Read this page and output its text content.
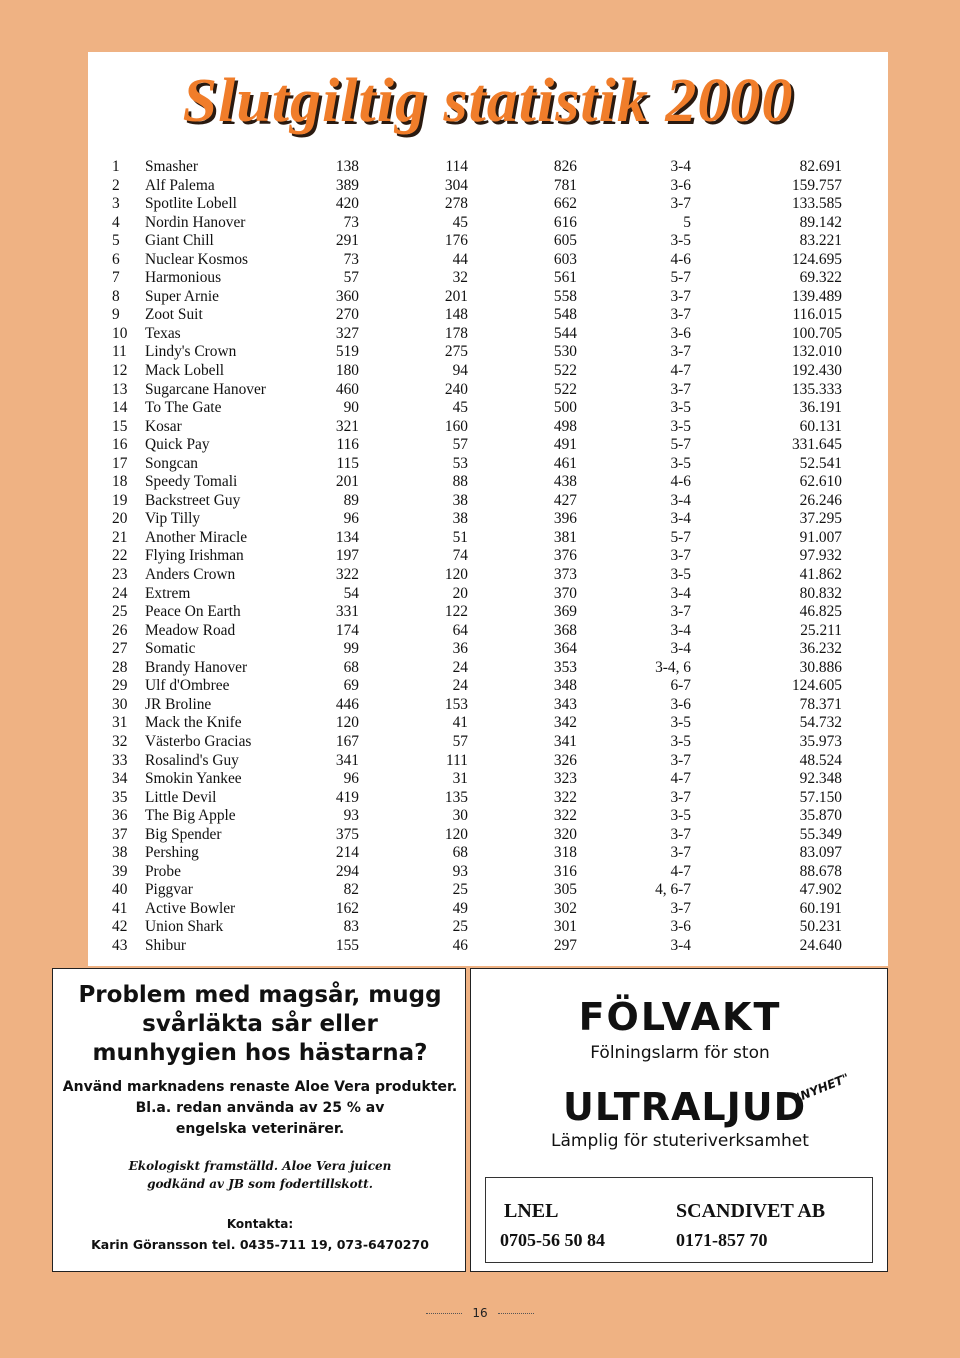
Slutgiltig statistik 2000
1	Smasher	138	114	826	3-4	82.691
2	Alf Palema	389	304	781	3-6	159.757
3	Spotlite Lobell	420	278	662	3-7	133.585
4	Nordin Hanover	73	45	616	5	89.142
5	Giant Chill	291	176	605	3-5	83.221
6	Nuclear Kosmos	73	44	603	4-6	124.695
7	Harmonious	57	32	561	5-7	69.322
8	Super Arnie	360	201	558	3-7	139.489
9	Zoot Suit	270	148	548	3-7	116.015
10	Texas	327	178	544	3-6	100.705
11	Lindy's Crown	519	275	530	3-7	132.010
12	Mack Lobell	180	94	522	4-7	192.430
13	Sugarcane Hanover	460	240	522	3-7	135.333
14	To The Gate	90	45	500	3-5	36.191
15	Kosar	321	160	498	3-5	60.131
16	Quick Pay	116	57	491	5-7	331.645
17	Songcan	115	53	461	3-5	52.541
18	Speedy Tomali	201	88	438	4-6	62.610
19	Backstreet Guy	89	38	427	3-4	26.246
20	Vip Tilly	96	38	396	3-4	37.295
21	Another Miracle	134	51	381	5-7	91.007
22	Flying Irishman	197	74	376	3-7	97.932
23	Anders Crown	322	120	373	3-5	41.862
24	Extrem	54	20	370	3-4	80.832
25	Peace On Earth	331	122	369	3-7	46.825
26	Meadow Road	174	64	368	3-4	25.211
27	Somatic	99	36	364	3-4	36.232
28	Brandy Hanover	68	24	353	3-4, 6	30.886
29	Ulf d'Ombree	69	24	348	6-7	124.605
30	JR Broline	446	153	343	3-6	78.371
31	Mack the Knife	120	41	342	3-5	54.732
32	Västerbo Gracias	167	57	341	3-5	35.973
33	Rosalind's Guy	341	111	326	3-7	48.524
34	Smokin Yankee	96	31	323	4-7	92.348
35	Little Devil	419	135	322	3-7	57.150
36	The Big Apple	93	30	322	3-5	35.870
37	Big Spender	375	120	320	3-7	55.349
38	Pershing	214	68	318	3-7	83.097
39	Probe	294	93	316	4-7	88.678
40	Piggvar	82	25	305	4, 6-7	47.902
41	Active Bowler	162	49	302	3-7	60.191
42	Union Shark	83	25	301	3-6	50.231
43	Shibur	155	46	297	3-4	24.640
Problem med magsår, mugg
svårläkta sår eller
munhygien hos hästarna?
Använd marknadens renaste Aloe Vera produkter.
Bl.a. redan använda av 25 % av
engelska veterinärer.
Ekologiskt framställd. Aloe Vera juicen
godkänd av JB som fodertillskott.
Kontakta:
Karin Göransson tel. 0435-711 19, 073-6470270
FÖLVAKT
Fölningslarm för ston
ULTRALJUD
"NYHET"
Lämplig för stuteriverksamhet
LNEL
0705-56 50 84
SCANDIVET AB
0171-857 70
16
